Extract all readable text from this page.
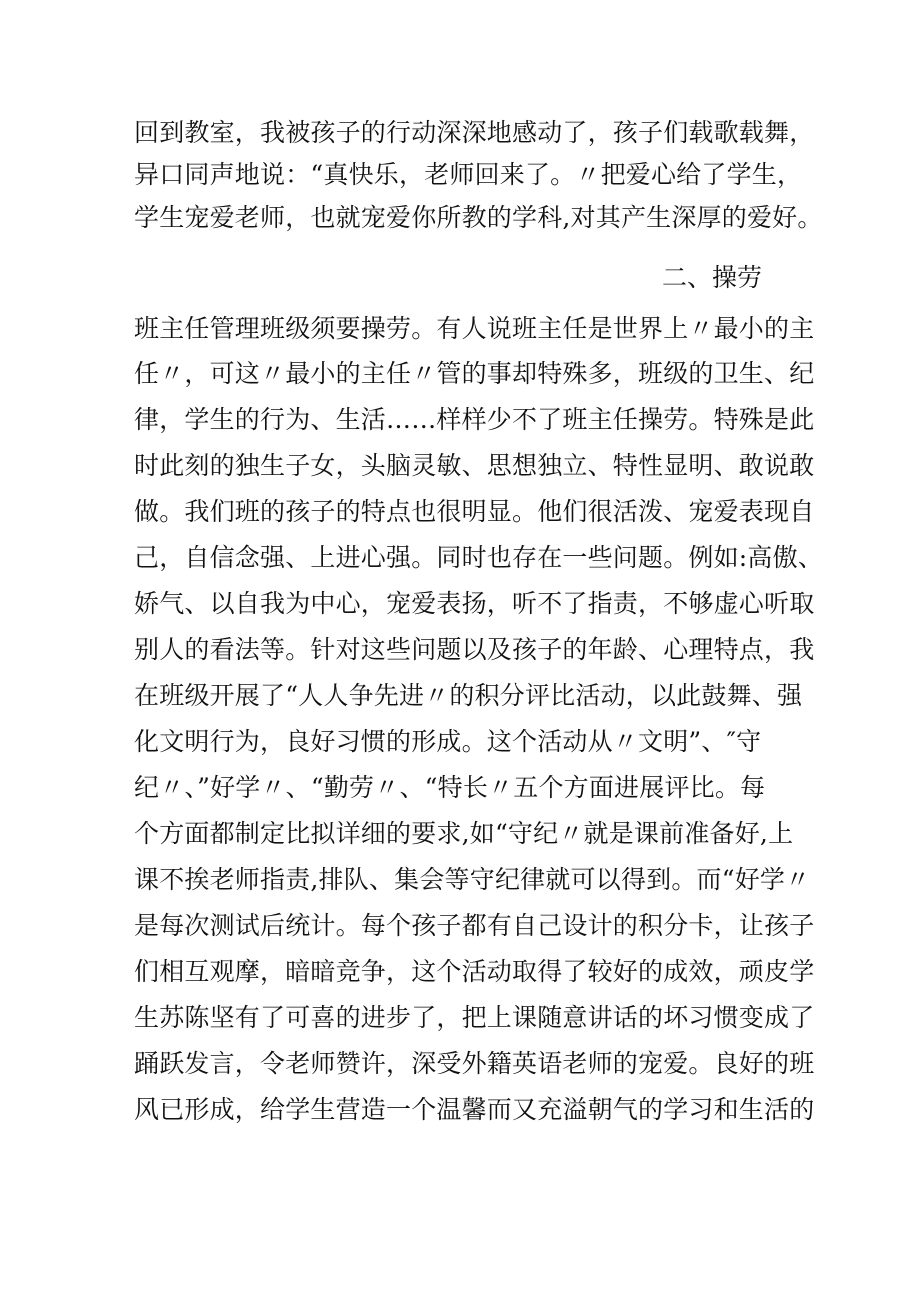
回到教室，我被孩子的行动深深地感动了，孩子们载歌载舞，
异口同声地说：“真快乐，老师回来了。〃把爱心给了学生，
学生宠爱老师，也就宠爱你所教的学科,对其产生深厚的爱好。
二、操劳
班主任管理班级须要操劳。有人说班主任是世界上〃最小的主
任〃，可这〃最小的主任〃管的事却特殊多，班级的卫生、纪
律，学生的行为、生活……样样少不了班主任操劳。特殊是此
时此刻的独生子女，头脑灵敏、思想独立、特性显明、敢说敢
做。我们班的孩子的特点也很明显。他们很活泼、宠爱表现自
己，自信念强、上进心强。同时也存在一些问题。例如:高傲、
娇气、以自我为中心，宠爱表扬，听不了指责，不够虚心听取
别人的看法等。针对这些问题以及孩子的年龄、心理特点，我
在班级开展了“人人争先进〃的积分评比活动，以此鼓舞、强
化文明行为，良好习惯的形成。这个活动从〃文明”、″守
纪〃、”好学〃、“勤劳〃、“特长〃五个方面进展评比。每
个方面都制定比拟详细的要求,如“守纪〃就是课前准备好,上
课不挨老师指责,排队、集会等守纪律就可以得到。而“好学〃
是每次测试后统计。每个孩子都有自己设计的积分卡，让孩子
们相互观摩，暗暗竞争，这个活动取得了较好的成效，顽皮学
生苏陈坚有了可喜的进步了，把上课随意讲话的坏习惯变成了
踊跃发言，令老师赞许，深受外籍英语老师的宠爱。良好的班
风已形成，给学生营造一个温馨而又充溢朝气的学习和生活的
